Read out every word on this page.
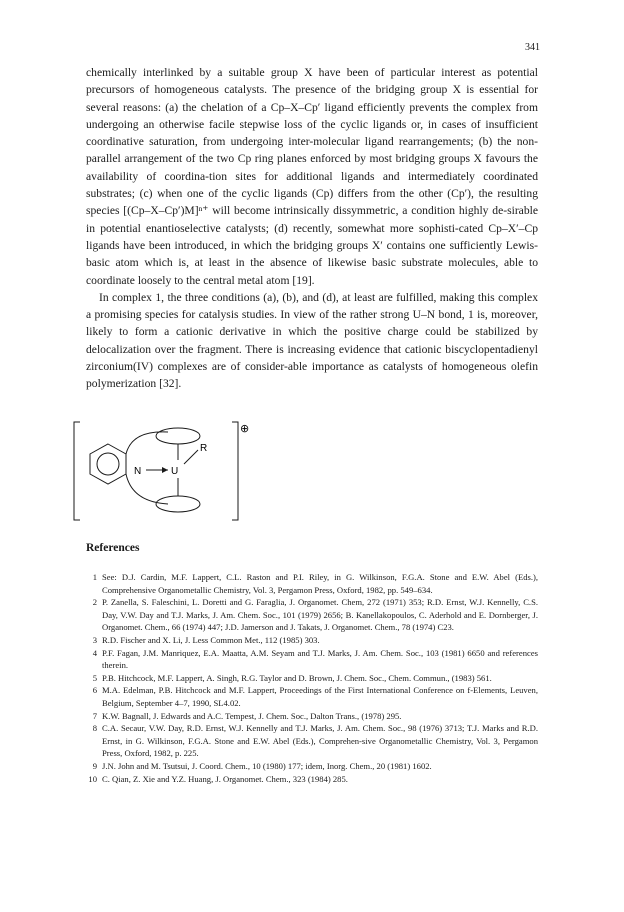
341

chemically interlinked by a suitable group X have been of particular interest as potential precursors of homogeneous catalysts. The presence of the bridging group X is essential for several reasons: (a) the chelation of a Cp–X–Cp′ ligand efficiently prevents the complex from undergoing an otherwise facile stepwise loss of the cyclic ligands or, in cases of insufficient coordinative saturation, from undergoing inter-molecular ligand rearrangements; (b) the non-parallel arrangement of the two Cp ring planes enforced by most bridging groups X favours the availability of coordina-tion sites for additional ligands and intermediately coordinated substrates; (c) when one of the cyclic ligands (Cp) differs from the other (Cp′), the resulting species [(Cp–X–Cp′)M]ⁿ⁺ will become intrinsically dissymmetric, a condition highly de-sirable in potential enantioselective catalysts; (d) recently, somewhat more sophisti-cated Cp–X′–Cp ligands have been introduced, in which the bridging groups X′ contains one sufficiently Lewis-basic atom which is, at least in the absence of likewise basic substrate molecules, able to coordinate loosely to the central metal atom [19].

In complex 1, the three conditions (a), (b), and (d), at least are fulfilled, making this complex a promising species for catalysis studies. In view of the rather strong U–N bond, 1 is, moreover, likely to form a cationic derivative in which the positive charge could be stabilized by delocalization over the fragment. There is increasing evidence that cationic biscyclopentadienyl zirconium(IV) complexes are of consider-able importance as catalysts of homogeneous olefin polymerization [32].

N	U
R
⊕
References
1 See: D.J. Cardin, M.F. Lappert, C.L. Raston and P.I. Riley, in G. Wilkinson, F.G.A. Stone and E.W. Abel (Eds.), Comprehensive Organometallic Chemistry, Vol. 3, Pergamon Press, Oxford, 1982, pp. 549–634.
2 P. Zanella, S. Faleschini, L. Doretti and G. Faraglia, J. Organomet. Chem, 272 (1971) 353; R.D. Ernst, W.J. Kennelly, C.S. Day, V.W. Day and T.J. Marks, J. Am. Chem. Soc., 101 (1979) 2656; B. Kanellakopoulos, C. Aderhold and E. Dornberger, J. Organomet. Chem., 66 (1974) 447; J.D. Jamerson and J. Takats, J. Organomet. Chem., 78 (1974) C23.
3 R.D. Fischer and X. Li, J. Less Common Met., 112 (1985) 303.
4 P.F. Fagan, J.M. Manriquez, E.A. Maatta, A.M. Seyam and T.J. Marks, J. Am. Chem. Soc., 103 (1981) 6650 and references therein.
5 P.B. Hitchcock, M.F. Lappert, A. Singh, R.G. Taylor and D. Brown, J. Chem. Soc., Chem. Commun., (1983) 561.
6 M.A. Edelman, P.B. Hitchcock and M.F. Lappert, Proceedings of the First International Conference on f-Elements, Leuven, Belgium, September 4–7, 1990, SL4.02.
7 K.W. Bagnall, J. Edwards and A.C. Tempest, J. Chem. Soc., Dalton Trans., (1978) 295.
8 C.A. Secaur, V.W. Day, R.D. Ernst, W.J. Kennelly and T.J. Marks, J. Am. Chem. Soc., 98 (1976) 3713; T.J. Marks and R.D. Ernst, in G. Wilkinson, F.G.A. Stone and E.W. Abel (Eds.), Comprehen-sive Organometallic Chemistry, Vol. 3, Pergamon Press, Oxford, 1982, p. 225.
9 J.N. John and M. Tsutsui, J. Coord. Chem., 10 (1980) 177; idem, Inorg. Chem., 20 (1981) 1602.
10 C. Qian, Z. Xie and Y.Z. Huang, J. Organomet. Chem., 323 (1984) 285.
